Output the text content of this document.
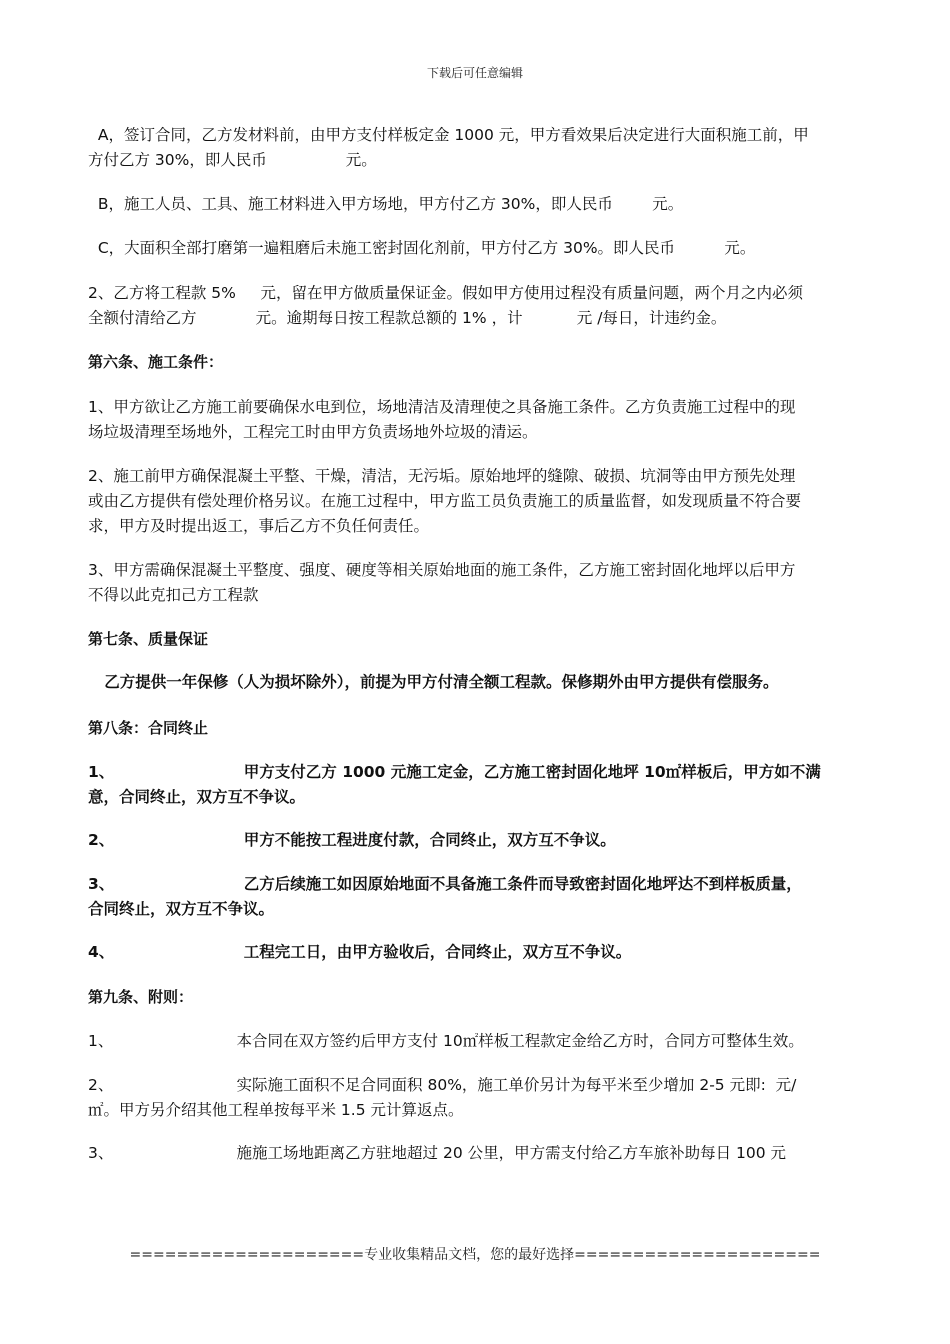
下载后可任意编辑
A，签订合同，乙方发材料前，由甲方支付样板定金 1000 元，甲方看效果后决定进行大面积施工前，甲
方付乙方 30%，即人民币                元。
B，施工人员、工具、施工材料进入甲方场地，甲方付乙方 30%，即人民币        元。
C，大面积全部打磨第一遍粗磨后未施工密封固化剂前，甲方付乙方 30%。即人民币          元。
2、乙方将工程款 5%     元，留在甲方做质量保证金。假如甲方使用过程没有质量问题，两个月之内必须
全额付清给乙方            元。逾期每日按工程款总额的 1% ，计           元 /每日，计违约金。
第六条、施工条件：
1、甲方欲让乙方施工前要确保水电到位，场地清洁及清理使之具备施工条件。乙方负责施工过程中的现
场垃圾清理至场地外，工程完工时由甲方负责场地外垃圾的清运。
2、施工前甲方确保混凝土平整、干燥，清洁，无污垢。原始地坪的缝隙、破损、坑洞等由甲方预先处理
或由乙方提供有偿处理价格另议。在施工过程中，甲方监工员负责施工的质量监督，如发现质量不符合要
求，甲方及时提出返工，事后乙方不负任何责任。
3、甲方需确保混凝土平整度、强度、硬度等相关原始地面的施工条件，乙方施工密封固化地坪以后甲方
不得以此克扣己方工程款
第七条、质量保证
乙方提供一年保修（人为损坏除外），前提为甲方付清全额工程款。保修期外由甲方提供有偿服务。
第八条：合同终止
1、                        甲方支付乙方 1000 元施工定金，乙方施工密封固化地坪 10㎡样板后，甲方如不满
意，合同终止，双方互不争议。
2、                        甲方不能按工程进度付款，合同终止，双方互不争议。
3、                        乙方后续施工如因原始地面不具备施工条件而导致密封固化地坪达不到样板质量，
合同终止，双方互不争议。
4、                        工程完工日，由甲方验收后，合同终止，双方互不争议。
第九条、附则：
1、                         本合同在双方签约后甲方支付 10㎡样板工程款定金给乙方时，合同方可整体生效。
2、                         实际施工面积不足合同面积 80%，施工单价另计为每平米至少增加 2-5 元即:  元/
㎡。甲方另介绍其他工程单按每平米 1.5 元计算返点。
3、                         施施工场地距离乙方驻地超过 20 公里，甲方需支付给乙方车旅补助每日 100 元
====================专业收集精品文档，您的最好选择=====================
